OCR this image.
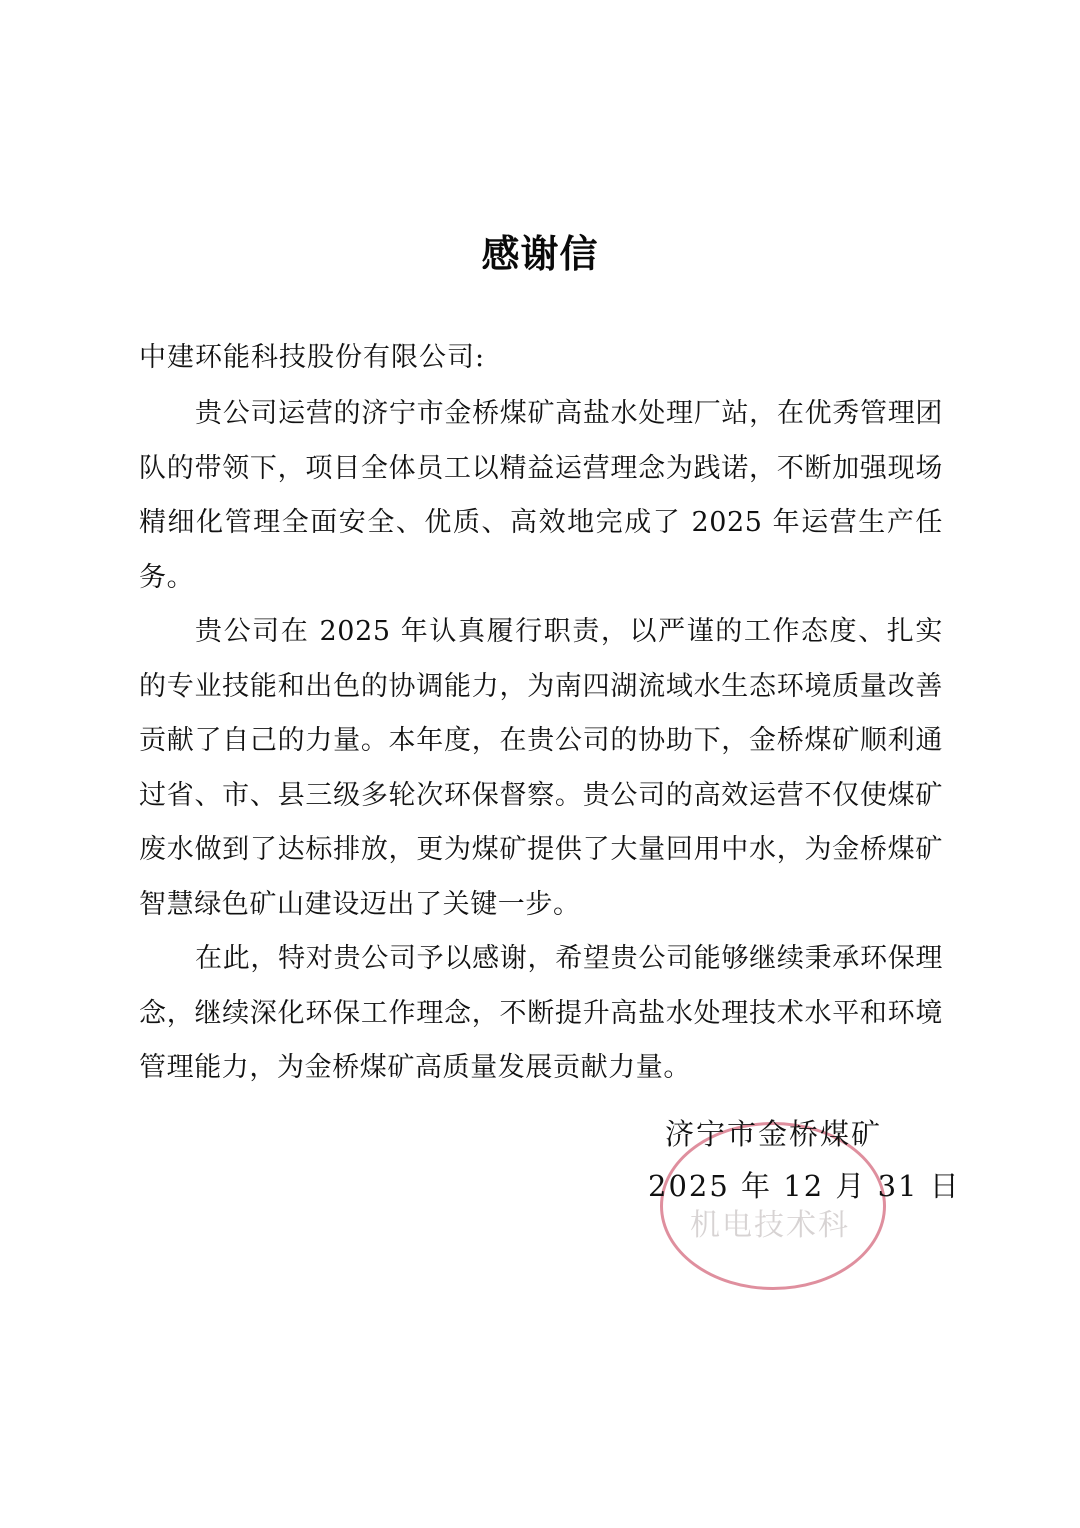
感谢信
中建环能科技股份有限公司:

贵公司运营的济宁市金桥煤矿高盐水处理厂站，在优秀管理团队的带领下，项目全体员工以精益运营理念为践诺，不断加强现场精细化管理全面安全、优质、高效地完成了 2025 年运营生产任务。

贵公司在 2025 年认真履行职责，以严谨的工作态度、扎实的专业技能和出色的协调能力，为南四湖流域水生态环境质量改善贡献了自己的力量。本年度，在贵公司的协助下，金桥煤矿顺利通过省、市、县三级多轮次环保督察。贵公司的高效运营不仅使煤矿废水做到了达标排放，更为煤矿提供了大量回用中水，为金桥煤矿智慧绿色矿山建设迈出了关键一步。

在此，特对贵公司予以感谢，希望贵公司能够继续秉承环保理念，继续深化环保工作理念，不断提升高盐水处理技术水平和环境管理能力，为金桥煤矿高质量发展贡献力量。

机电技术科
济宁市金桥煤矿
2025 年 12 月 31 日
